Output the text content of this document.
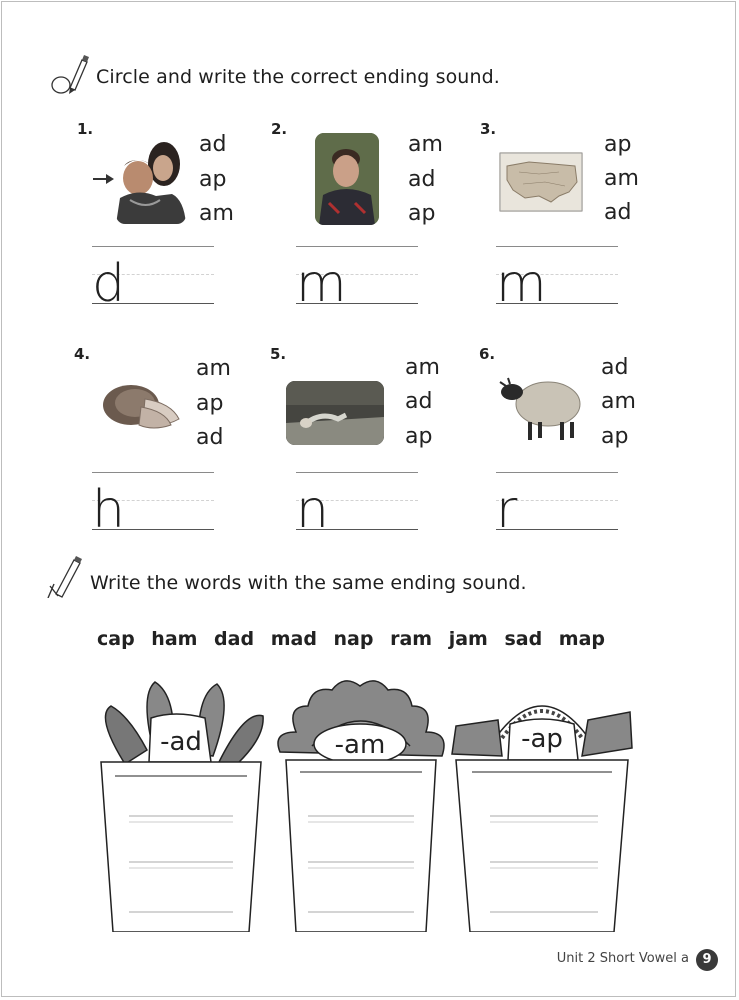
Circle and write the correct ending sound.
1.
ad
ap
am
d
2.
am
ad
ap
m
3.
ap
am
ad
m
4.
am
ap
ad
h
5.
am
ad
ap
n
6.
ad
am
ap
r
Write the words with the same ending sound.
cap ham dad mad nap ram jam sad map
-ad	-am	-ap
Unit 2 Short Vowel a	9
